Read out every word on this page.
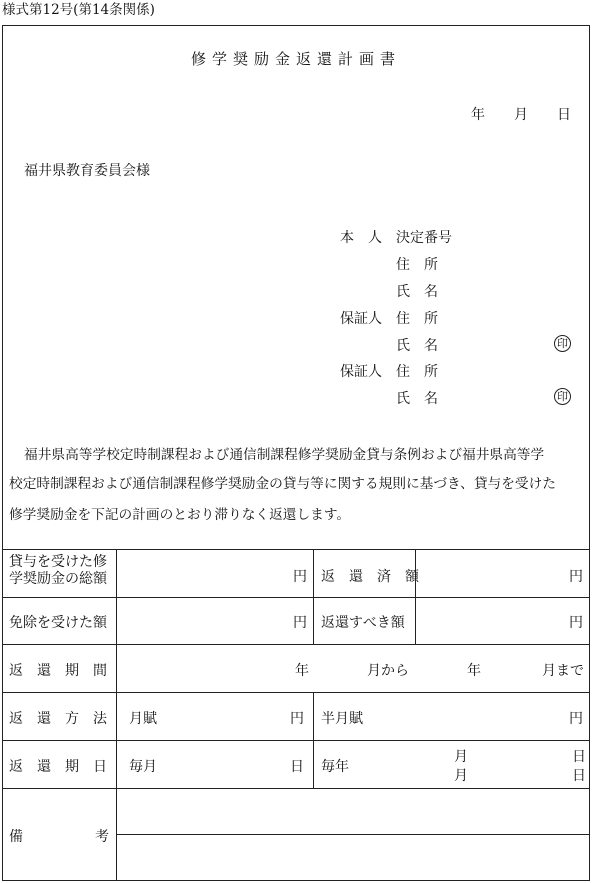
様式第12号(第14条関係)
修学奨励金返還計画書
年 月 日
福井県教育委員会様
本　人 決定番号
住　所
氏　名
保証人 住　所
氏　名	印
保証人 住　所
氏　名	印
福井県高等学校定時制課程および通信制課程修学奨励金貸与条例および福井県高等学
校定時制課程および通信制課程修学奨励金の貸与等に関する規則に基づき、貸与を受けた
修学奨励金を下記の計画のとおり滞りなく返還します。
貸与を受けた修
学奨励金の総額	円 返　還　済　額	円
免除を受けた額	円 返還すべき額	円
返　還　期　間	年	月から	年	月まで
返　還　方　法 月賦	円 半月賦	円
返　還　期　日 毎月	日 毎年
月	日
月	日
備	考
